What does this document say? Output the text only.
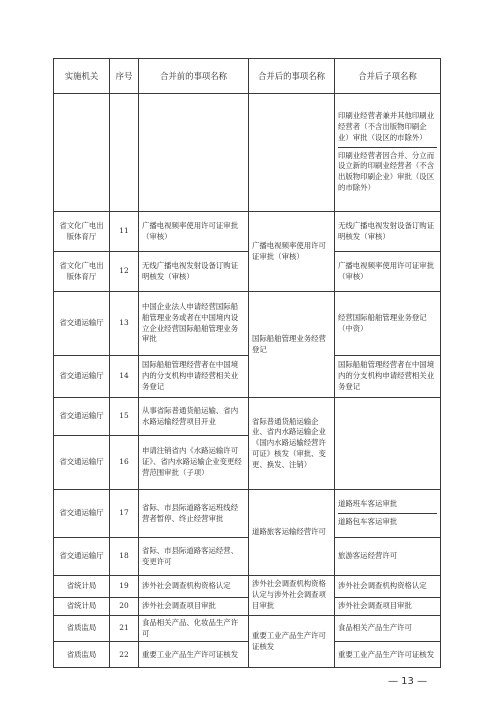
实施机关	序号	合并前的事项名称	合并后的事项名称	合并后子项名称

				印刷业经营者兼并其他印刷业经营者（不含出版物印刷企业）审批（设区的市除外）
印刷业经营者因合并、分立而设立新的印刷业经营者（不含出版物印刷企业）审批（设区的市除外）

省文化广电出版体育厅	11	广播电视频率使用许可证审批（审核）	广播电视频率使用许可证审批（审核）	无线广播电视发射设备订购证明核发（审核）
省文化广电出版体育厅	12	无线广播电视发射设备订购证明核发（审核）		广播电视频率使用许可证审批（审核）
省交通运输厅	13	中国企业法人申请经营国际船舶管理业务或者在中国境内设立企业经营国际船舶管理业务审批	国际船舶管理业务经营登记	经营国际船舶管理业务登记（中资）
省交通运输厅	14	国际船舶管理经营者在中国境内的分支机构申请经营相关业务登记		国际船舶管理经营者在中国境内的分支机构申请经营相关业务登记
省交通运输厅	15	从事省际普通货船运输、省内水路运输经营项目开业	省际普通货船运输企业、省内水路运输企业《国内水路运输经营许可证》核发（审批、变更、换发、注销）	
省交通运输厅	16	申请注销省内《水路运输许可证》、省内水路运输企业变更经营范围审批（子项）		
省交通运输厅	17	省际、市县际道路客运班线经营者暂停、终止经营审批	道路旅客运输经营许可	道路班车客运审批
道路包车客运审批

省交通运输厅	18	省际、市县际道路客运经营、变更许可		旅游客运经营许可
省统计局	19	涉外社会调查机构资格认定	涉外社会调查机构资格认定与涉外社会调查项目审批	涉外社会调查机构资格认定
省统计局	20	涉外社会调查项目审批		涉外社会调查项目审批
省质监局	21	食品相关产品、化妆品生产许可	重要工业产品生产许可证核发	食品相关产品生产许可
省质监局	22	重要工业产品生产许可证核发		重要工业产品生产许可证核发
— 13 —
